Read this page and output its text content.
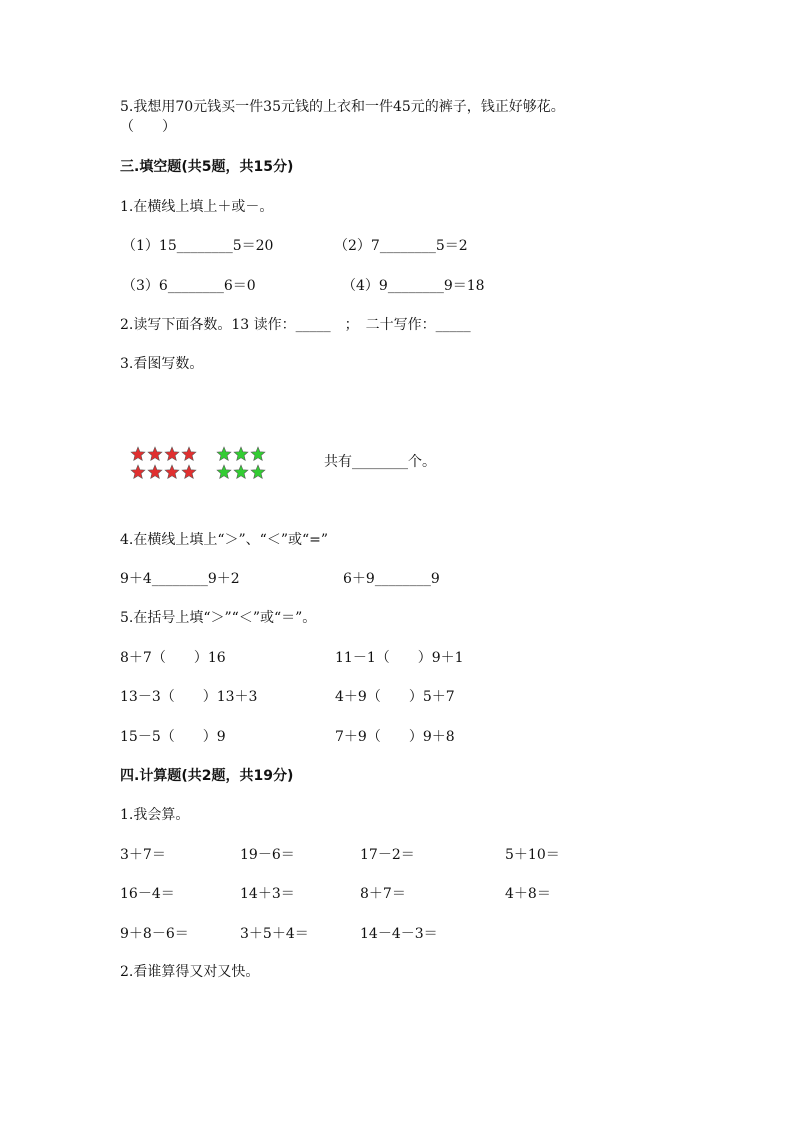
5.我想用70元钱买一件35元钱的上衣和一件45元的裤子，钱正好够花。
（　　）
三.填空题(共5题，共15分)
1.在横线上填上＋或－。
（1）15________5＝20	（2）7________5＝2
（3）6________6＝0	（4）9________9＝18
2.读写下面各数。13 读作：_____　；　二十写作：_____
3.看图写数。
共有________个。
4.在横线上填上“＞”、“＜”或“=”
9＋4________9＋2	6＋9________9
5.在括号上填“＞”“＜”或“＝”。
8＋7（　　）16	11－1（　　）9＋1
13－3（　　）13＋3	4＋9（　　）5＋7
15－5（　　）9	7＋9（　　）9＋8
四.计算题(共2题，共19分)
1.我会算。
3＋7＝	19－6＝	17－2＝	5＋10＝
16－4＝	14＋3＝	8＋7＝	4＋8＝
9＋8－6＝	3＋5＋4＝	14－4－3＝
2.看谁算得又对又快。
